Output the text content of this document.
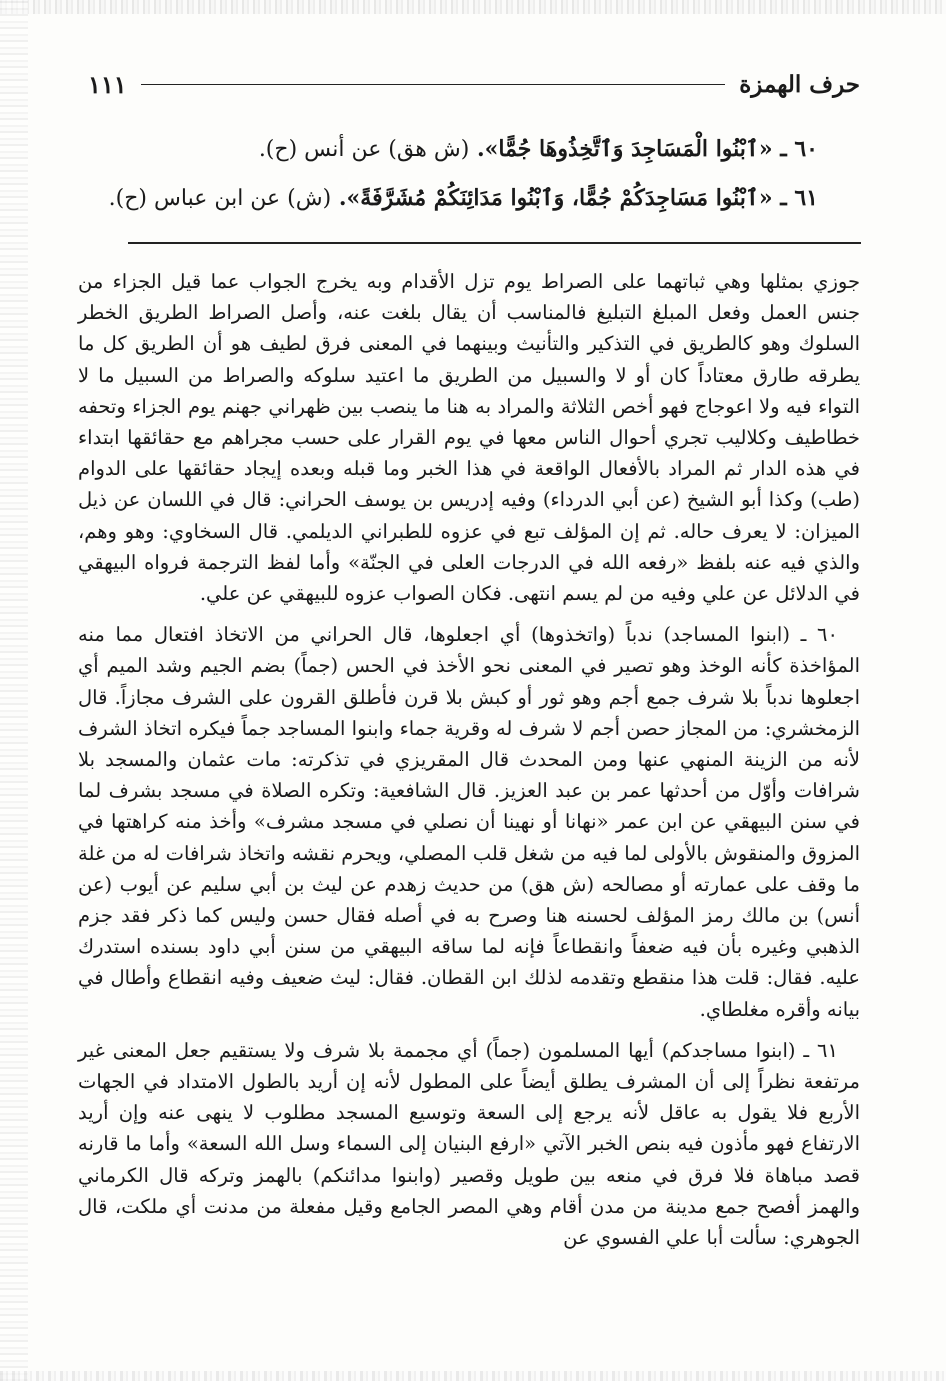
حرف الهمزة
١١١
٦٠ ـ «ٱبْنُوا الْمَسَاجِدَ وَٱتَّخِذُوهَا جُمًّا». (ش هق) عن أنس (ح).
٦١ ـ «ٱبْنُوا مَسَاجِدَكُمْ جُمًّا، وَٱبْنُوا مَدَائِنَكُمْ مُشَرَّفَةً». (ش) عن ابن عباس (ح).

جوزي بمثلها وهي ثباتهما على الصراط يوم تزل الأقدام وبه يخرج الجواب عما قيل الجزاء من جنس العمل وفعل المبلغ التبليغ فالمناسب أن يقال بلغت عنه، وأصل الصراط الطريق الخطر السلوك وهو كالطريق في التذكير والتأنيث وبينهما في المعنى فرق لطيف هو أن الطريق كل ما يطرقه طارق معتاداً كان أو لا والسبيل من الطريق ما اعتيد سلوكه والصراط من السبيل ما لا التواء فيه ولا اعوجاج فهو أخص الثلاثة والمراد به هنا ما ينصب بين ظهراني جهنم يوم الجزاء وتحفه خطاطيف وكلاليب تجري أحوال الناس معها في يوم القرار على حسب مجراهم مع حقائقها ابتداء في هذه الدار ثم المراد بالأفعال الواقعة في هذا الخبر وما قبله وبعده إيجاد حقائقها على الدوام (طب) وكذا أبو الشيخ (عن أبي الدرداء) وفيه إدريس بن يوسف الحراني: قال في اللسان عن ذيل الميزان: لا يعرف حاله. ثم إن المؤلف تبع في عزوه للطبراني الديلمي. قال السخاوي: وهو وهم، والذي فيه عنه بلفظ «رفعه الله في الدرجات العلى في الجنّة» وأما لفظ الترجمة فرواه البيهقي في الدلائل عن علي وفيه من لم يسم انتهى. فكان الصواب عزوه للبيهقي عن علي.

٦٠ ـ (ابنوا المساجد) ندباً (واتخذوها) أي اجعلوها، قال الحراني من الاتخاذ افتعال مما منه المؤاخذة كأنه الوخذ وهو تصير في المعنى نحو الأخذ في الحس (جماً) بضم الجيم وشد الميم أي اجعلوها ندباً بلا شرف جمع أجم وهو ثور أو كبش بلا قرن فأطلق القرون على الشرف مجازاً. قال الزمخشري: من المجاز حصن أجم لا شرف له وقرية جماء وابنوا المساجد جماً فيكره اتخاذ الشرف لأنه من الزينة المنهي عنها ومن المحدث قال المقريزي في تذكرته: مات عثمان والمسجد بلا شرافات وأوّل من أحدثها عمر بن عبد العزيز. قال الشافعية: وتكره الصلاة في مسجد بشرف لما في سنن البيهقي عن ابن عمر «نهانا أو نهينا أن نصلي في مسجد مشرف» وأخذ منه كراهتها في المزوق والمنقوش بالأولى لما فيه من شغل قلب المصلي، ويحرم نقشه واتخاذ شرافات له من غلة ما وقف على عمارته أو مصالحه (ش هق) من حديث زهدم عن ليث بن أبي سليم عن أيوب (عن أنس) بن مالك رمز المؤلف لحسنه هنا وصرح به في أصله فقال حسن وليس كما ذكر فقد جزم الذهبي وغيره بأن فيه ضعفاً وانقطاعاً فإنه لما ساقه البيهقي من سنن أبي داود بسنده استدرك عليه. فقال: قلت هذا منقطع وتقدمه لذلك ابن القطان. فقال: ليث ضعيف وفيه انقطاع وأطال في بيانه وأقره مغلطاي.

٦١ ـ (ابنوا مساجدكم) أيها المسلمون (جماً) أي مجممة بلا شرف ولا يستقيم جعل المعنى غير مرتفعة نظراً إلى أن المشرف يطلق أيضاً على المطول لأنه إن أريد بالطول الامتداد في الجهات الأربع فلا يقول به عاقل لأنه يرجع إلى السعة وتوسيع المسجد مطلوب لا ينهى عنه وإن أريد الارتفاع فهو مأذون فيه بنص الخبر الآتي «ارفع البنيان إلى السماء وسل الله السعة» وأما ما قارنه قصد مباهاة فلا فرق في منعه بين طويل وقصير (وابنوا مدائنكم) بالهمز وتركه قال الكرماني والهمز أفصح جمع مدينة من مدن أقام وهي المصر الجامع وقيل مفعلة من مدنت أي ملكت، قال الجوهري: سألت أبا علي الفسوي عن
